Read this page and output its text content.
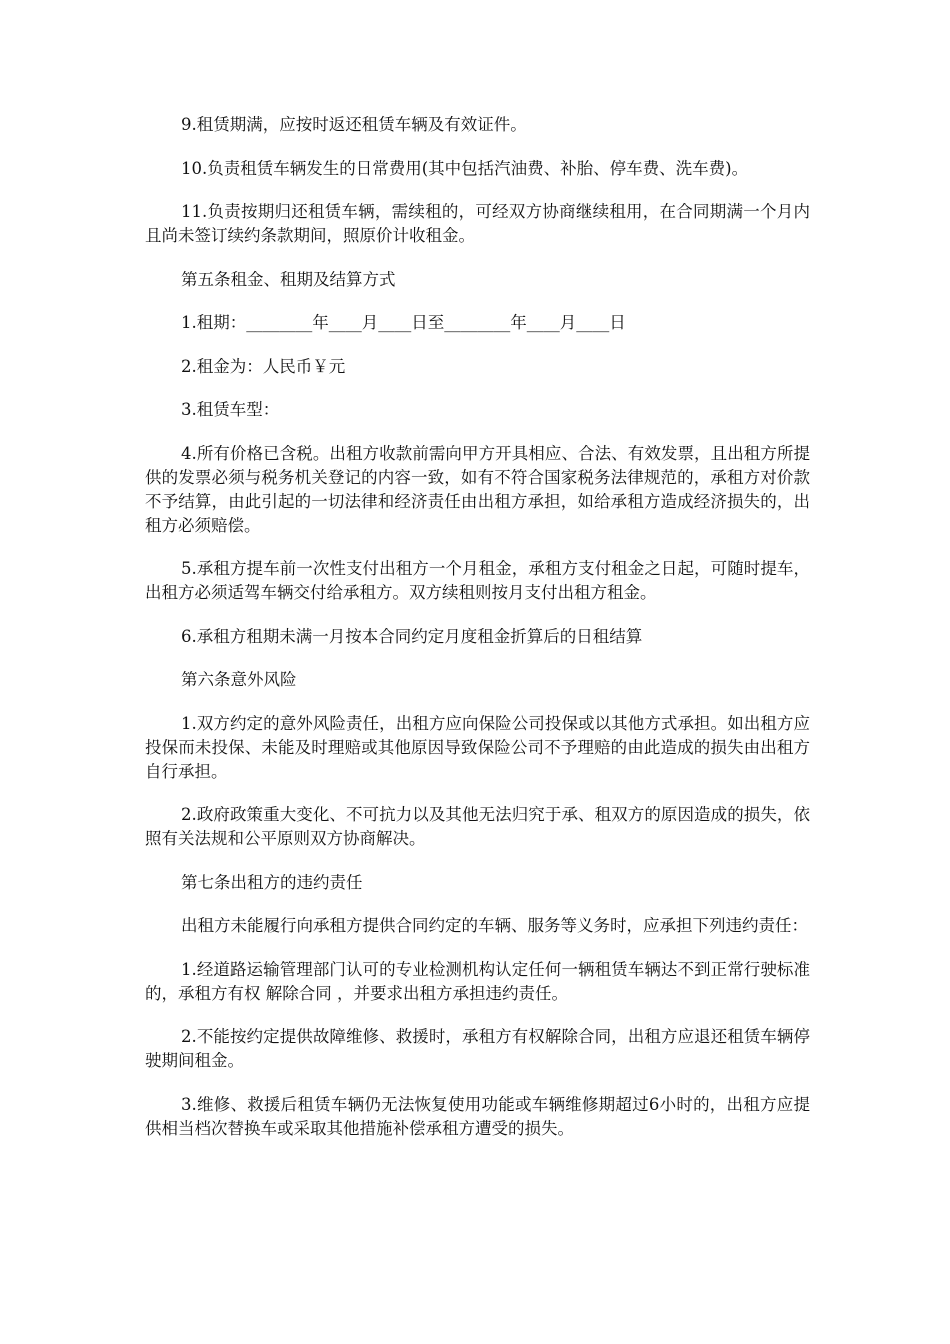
9.租赁期满，应按时返还租赁车辆及有效证件。

10.负责租赁车辆发生的日常费用(其中包括汽油费、补胎、停车费、洗车费)。

11.负责按期归还租赁车辆，需续租的，可经双方协商继续租用，在合同期满一个月内且尚未签订续约条款期间，照原价计收租金。

第五条租金、租期及结算方式

1.租期：________年____月____日至________年____月____日

2.租金为：人民币￥元

3.租赁车型：

4.所有价格已含税。出租方收款前需向甲方开具相应、合法、有效发票，且出租方所提供的发票必须与税务机关登记的内容一致，如有不符合国家税务法律规范的，承租方对价款不予结算，由此引起的一切法律和经济责任由出租方承担，如给承租方造成经济损失的，出租方必须赔偿。

5.承租方提车前一次性支付出租方一个月租金，承租方支付租金之日起，可随时提车，出租方必须适驾车辆交付给承租方。双方续租则按月支付出租方租金。

6.承租方租期未满一月按本合同约定月度租金折算后的日租结算

第六条意外风险

1.双方约定的意外风险责任，出租方应向保险公司投保或以其他方式承担。如出租方应投保而未投保、未能及时理赔或其他原因导致保险公司不予理赔的由此造成的损失由出租方自行承担。

2.政府政策重大变化、不可抗力以及其他无法归究于承、租双方的原因造成的损失，依照有关法规和公平原则双方协商解决。

第七条出租方的违约责任

出租方未能履行向承租方提供合同约定的车辆、服务等义务时，应承担下列违约责任：

1.经道路运输管理部门认可的专业检测机构认定任何一辆租赁车辆达不到正常行驶标准的，承租方有权 解除合同 ，并要求出租方承担违约责任。

2.不能按约定提供故障维修、救援时，承租方有权解除合同，出租方应退还租赁车辆停驶期间租金。

3.维修、救援后租赁车辆仍无法恢复使用功能或车辆维修期超过6小时的，出租方应提供相当档次替换车或采取其他措施补偿承租方遭受的损失。
